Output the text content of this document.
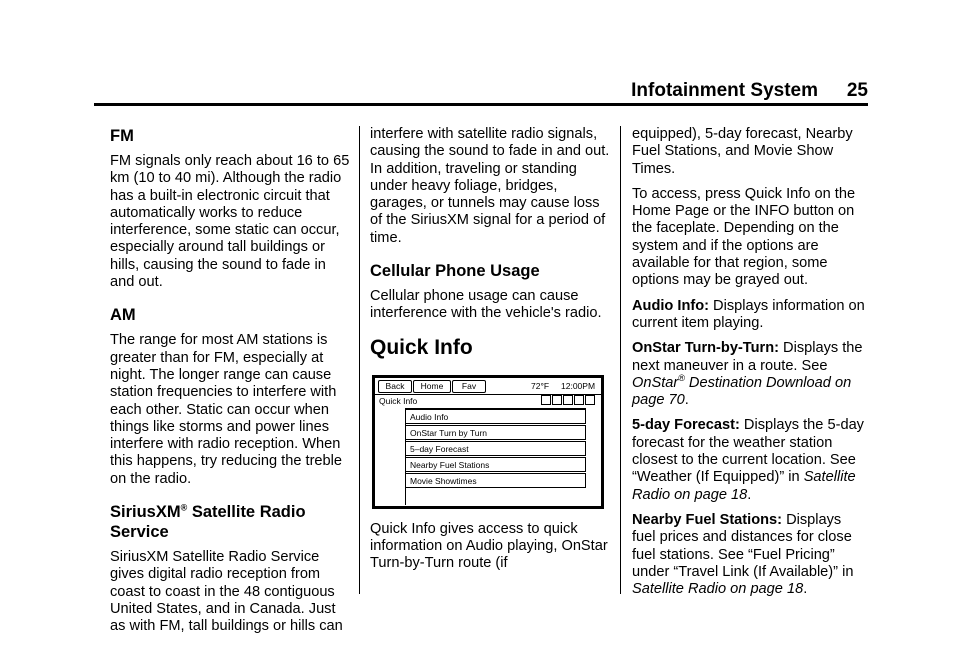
Infotainment System	25
FM

FM signals only reach about 16 to 65 km (10 to 40 mi). Although the radio has a built-in electronic circuit that automatically works to reduce interference, some static can occur, especially around tall buildings or hills, causing the sound to fade in and out.

AM

The range for most AM stations is greater than for FM, especially at night. The longer range can cause station frequencies to interfere with each other. Static can occur when things like storms and power lines interfere with radio reception. When this happens, try reducing the treble on the radio.

SiriusXM® Satellite Radio Service

SiriusXM Satellite Radio Service gives digital radio reception from coast to coast in the 48 contiguous United States, and in Canada. Just as with FM, tall buildings or hills can

interfere with satellite radio signals, causing the sound to fade in and out. In addition, traveling or standing under heavy foliage, bridges, garages, or tunnels may cause loss of the SiriusXM signal for a period of time.

Cellular Phone Usage

Cellular phone usage can cause interference with the vehicle's radio.

Quick Info
Back	Home	Fav	72°F 12:00PM
Quick Info
Audio Info
OnStar Turn by Turn
5–day Forecast
Nearby Fuel Stations
Movie Showtimes

Quick Info gives access to quick information on Audio playing, OnStar Turn-by-Turn route (if

equipped), 5-day forecast, Nearby Fuel Stations, and Movie Show Times.

To access, press Quick Info on the Home Page or the INFO button on the faceplate. Depending on the system and if the options are available for that region, some options may be grayed out.

Audio Info: Displays information on current item playing.

OnStar Turn-by-Turn: Displays the next maneuver in a route. See OnStar® Destination Download on page 70.

5-day Forecast: Displays the 5-day forecast for the weather station closest to the current location. See “Weather (If Equipped)” in Satellite Radio on page 18.

Nearby Fuel Stations: Displays fuel prices and distances for close fuel stations. See “Fuel Pricing” under “Travel Link (If Available)” in Satellite Radio on page 18.
